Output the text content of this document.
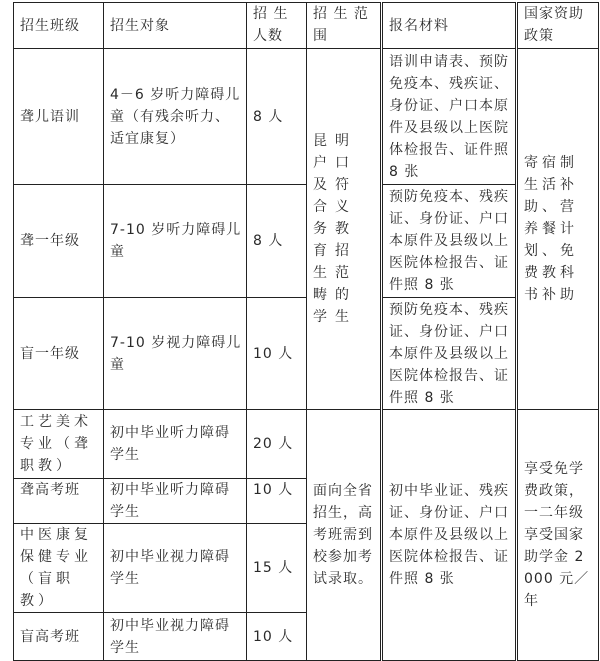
招生班级	招生对象	招 生 人数	招 生 范围	报名材料	国家资助政策
聋儿语训	4－6 岁听力障碍儿童（有残余听力、适宜康复）	8 人	昆明户口及符合义务教育招生范畴的学生	语训申请表、预防免疫本、残疾证、身份证、户口本原件及县级以上医院体检报告、证件照 8 张	寄宿制生活补助、营养餐计划、免费教科书补助
聋一年级	7-10 岁听力障碍儿童	8 人		预防免疫本、残疾证、身份证、户口本原件及县级以上医院体检报告、证件照 8 张	
盲一年级	7-10 岁视力障碍儿童	10 人		预防免疫本、残疾证、身份证、户口本原件及县级以上医院体检报告、证件照 8 张	
工艺美术专业（聋职教）	初中毕业听力障碍学生	20 人	面向全省招生，高考班需到校参加考试录取。	初中毕业证、残疾证、身份证、户口本原件及县级以上医院体检报告、证件照 8 张	享受免学费政策，一二年级享受国家助学金 2000 元／年
聋高考班	初中毕业听力障碍学生	10 人			
中医康复保健专业（盲职教）	初中毕业视力障碍学生	15 人			
盲高考班	初中毕业视力障碍学生	10 人			
